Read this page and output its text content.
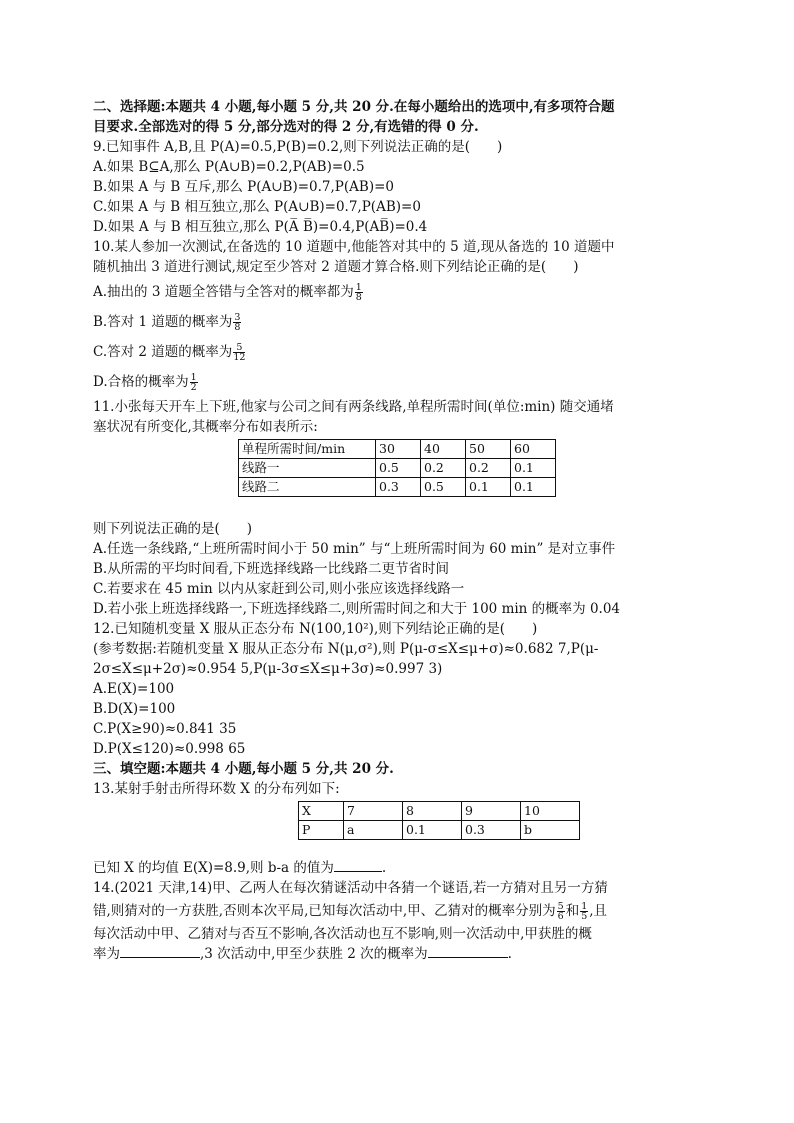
二、选择题:本题共 4 小题,每小题 5 分,共 20 分.在每小题给出的选项中,有多项符合题
目要求.全部选对的得 5 分,部分选对的得 2 分,有选错的得 0 分.
9.已知事件 A,B,且 P(A)=0.5,P(B)=0.2,则下列说法正确的是(　　)
A.如果 B⊆A,那么 P(A∪B)=0.2,P(AB)=0.5
B.如果 A 与 B 互斥,那么 P(A∪B)=0.7,P(AB)=0
C.如果 A 与 B 相互独立,那么 P(A∪B)=0.7,P(AB)=0
D.如果 A 与 B 相互独立,那么 P(A̅ B̅)=0.4,P(AB̅)=0.4
10.某人参加一次测试,在备选的 10 道题中,他能答对其中的 5 道,现从备选的 10 道题中
随机抽出 3 道进行测试,规定至少答对 2 道题才算合格.则下列结论正确的是(　　)
A.抽出的 3 道题全答错与全答对的概率都为 $\frac{1}{8}$
B.答对 1 道题的概率为 $\frac{3}{8}$
C.答对 2 道题的概率为 $\frac{5}{12}$
D.合格的概率为 $\frac{1}{2}$
11.小张每天开车上下班,他家与公司之间有两条线路,单程所需时间(单位:min) 随交通堵
塞状况有所变化,其概率分布如表所示:
单程所需时间/min	30	40	50	60
线路一	0.5	0.2	0.2	0.1
线路二	0.3	0.5	0.1	0.1
则下列说法正确的是(　　)
A.任选一条线路,“上班所需时间小于 50 min” 与“上班所需时间为 60 min” 是对立事件
B.从所需的平均时间看,下班选择线路一比线路二更节省时间
C.若要求在 45 min 以内从家赶到公司,则小张应该选择线路一
D.若小张上班选择线路一,下班选择线路二,则所需时间之和大于 100 min 的概率为 0.04
12.已知随机变量 X 服从正态分布 N(100,10²),则下列结论正确的是(　　)
(参考数据:若随机变量 X 服从正态分布 N(μ,σ²),则 P(μ-σ≤X≤μ+σ)≈0.682 7,P(μ-
2σ≤X≤μ+2σ)≈0.954 5,P(μ-3σ≤X≤μ+3σ)≈0.997 3)
A.E(X)=100
B.D(X)=100
C.P(X≥90)≈0.841 35
D.P(X≤120)≈0.998 65
三、填空题:本题共 4 小题,每小题 5 分,共 20 分.
13.某射手射击所得环数 X 的分布列如下:
X	7	8	9	10
P	a	0.1	0.3	b
已知 X 的均值 E(X)=8.9,则 b-a 的值为	.
14.(2021 天津,14)甲、乙两人在每次猜谜活动中各猜一个谜语,若一方猜对且另一方猜
错,则猜对的一方获胜,否则本次平局,已知每次活动中,甲、乙猜对的概率分别为 $\frac{5}{6}$ 和 $\frac{1}{5}$ ,且
每次活动中甲、乙猜对与否互不影响,各次活动也互不影响,则一次活动中,甲获胜的概
率为	,3 次活动中,甲至少获胜 2 次的概率为	.
